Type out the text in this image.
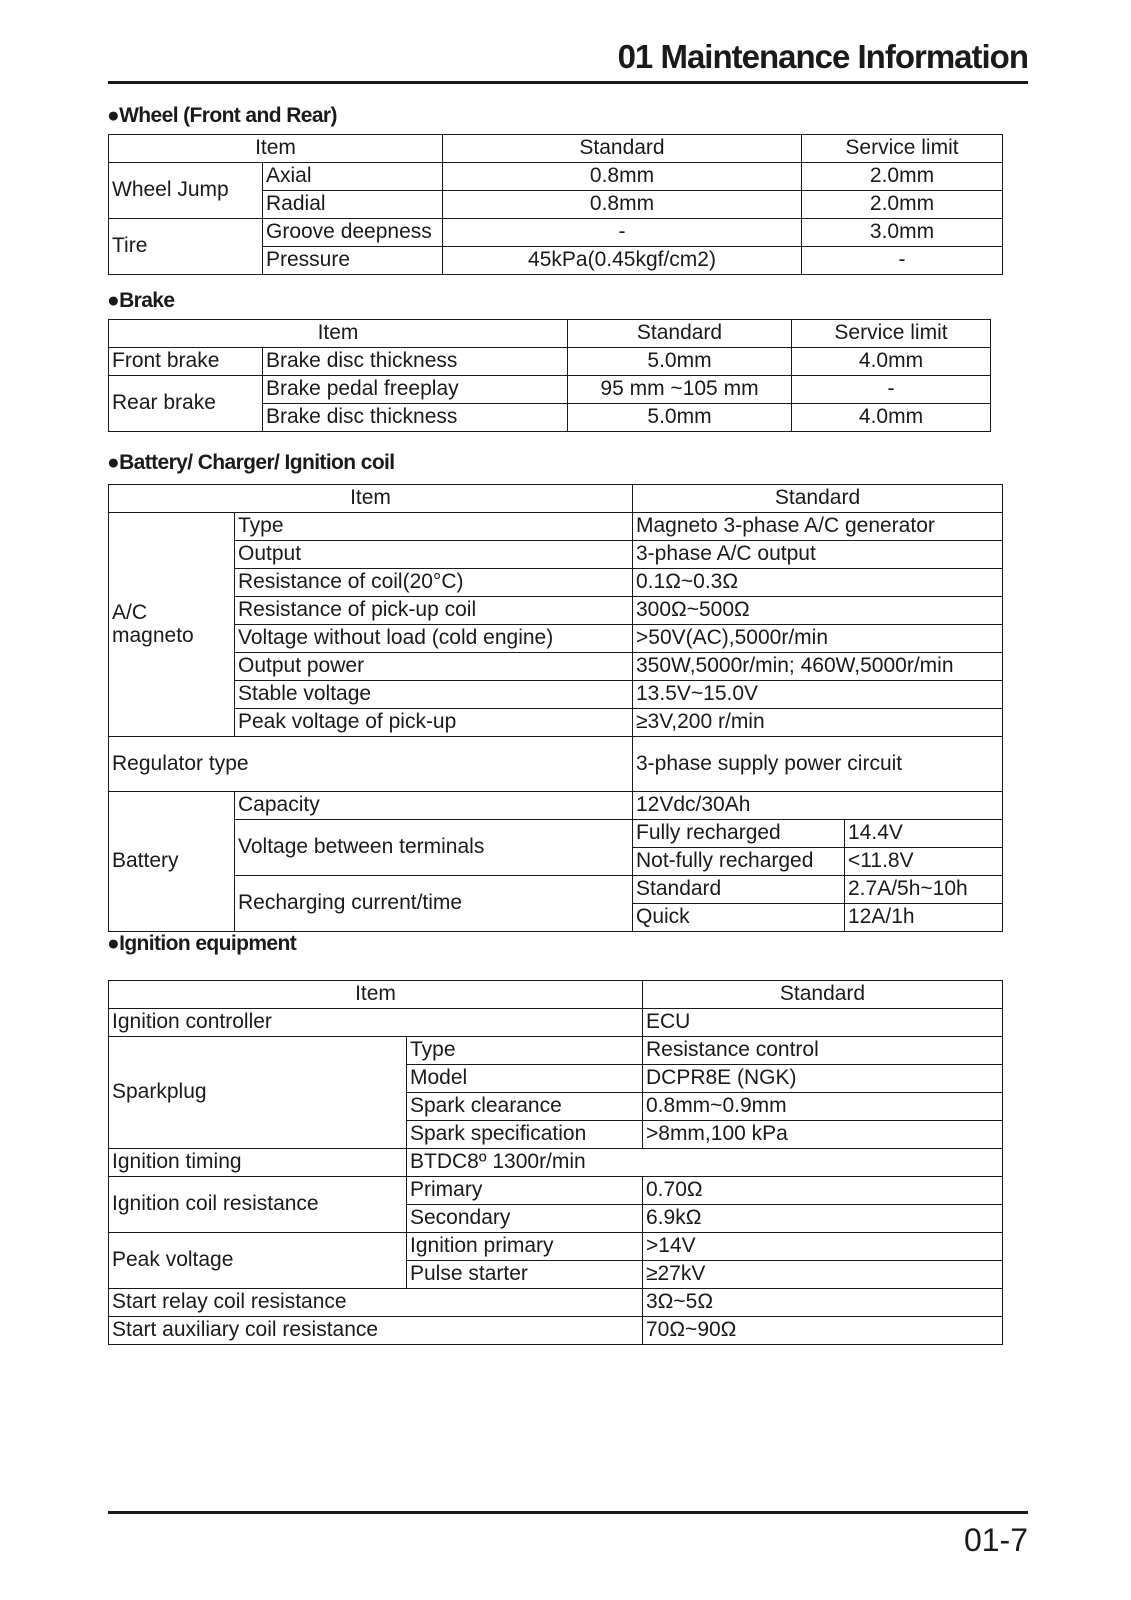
01 Maintenance Information
●Wheel (Front and Rear)
Item		Standard	Service limit
Wheel Jump	Axial	0.8mm	2.0mm
	Radial	0.8mm	2.0mm
Tire	Groove deepness	-	3.0mm
	Pressure	45kPa(0.45kgf/cm2)	-
●Brake
Item		Standard	Service limit
Front brake	Brake disc thickness	5.0mm	4.0mm
Rear brake	Brake pedal freeplay	95 mm ~105 mm	-
	Brake disc thickness	5.0mm	4.0mm
●Battery/ Charger/ Ignition coil
Item		Standard	
A/C
magneto	Type	Magneto 3-phase A/C generator	
	Output	3-phase A/C output	
	Resistance of coil(20°C)	0.1Ω~0.3Ω	
	Resistance of pick-up coil	300Ω~500Ω	
	Voltage without load (cold engine)	>50V(AC),5000r/min	
	Output power	350W,5000r/min; 460W,5000r/min	
	Stable voltage	13.5V~15.0V	
	Peak voltage of pick-up	≥3V,200 r/min	
Regulator type		3-phase supply power circuit	
Battery	Capacity	12Vdc/30Ah	
	Voltage between terminals	Fully recharged	14.4V
		Not-fully recharged	<11.8V
	Recharging current/time	Standard	2.7A/5h~10h
		Quick	12A/1h
●Ignition equipment
Item		Standard
Ignition controller		ECU
Sparkplug	Type	Resistance control
	Model	DCPR8E (NGK)
	Spark clearance	0.8mm~0.9mm
	Spark specification	>8mm,100 kPa
Ignition timing	BTDC8º 1300r/min	
Ignition coil resistance	Primary	0.70Ω
	Secondary	6.9kΩ
Peak voltage	Ignition primary	>14V
	Pulse starter	≥27kV
Start relay coil resistance		3Ω~5Ω
Start auxiliary coil resistance		70Ω~90Ω
01-7
